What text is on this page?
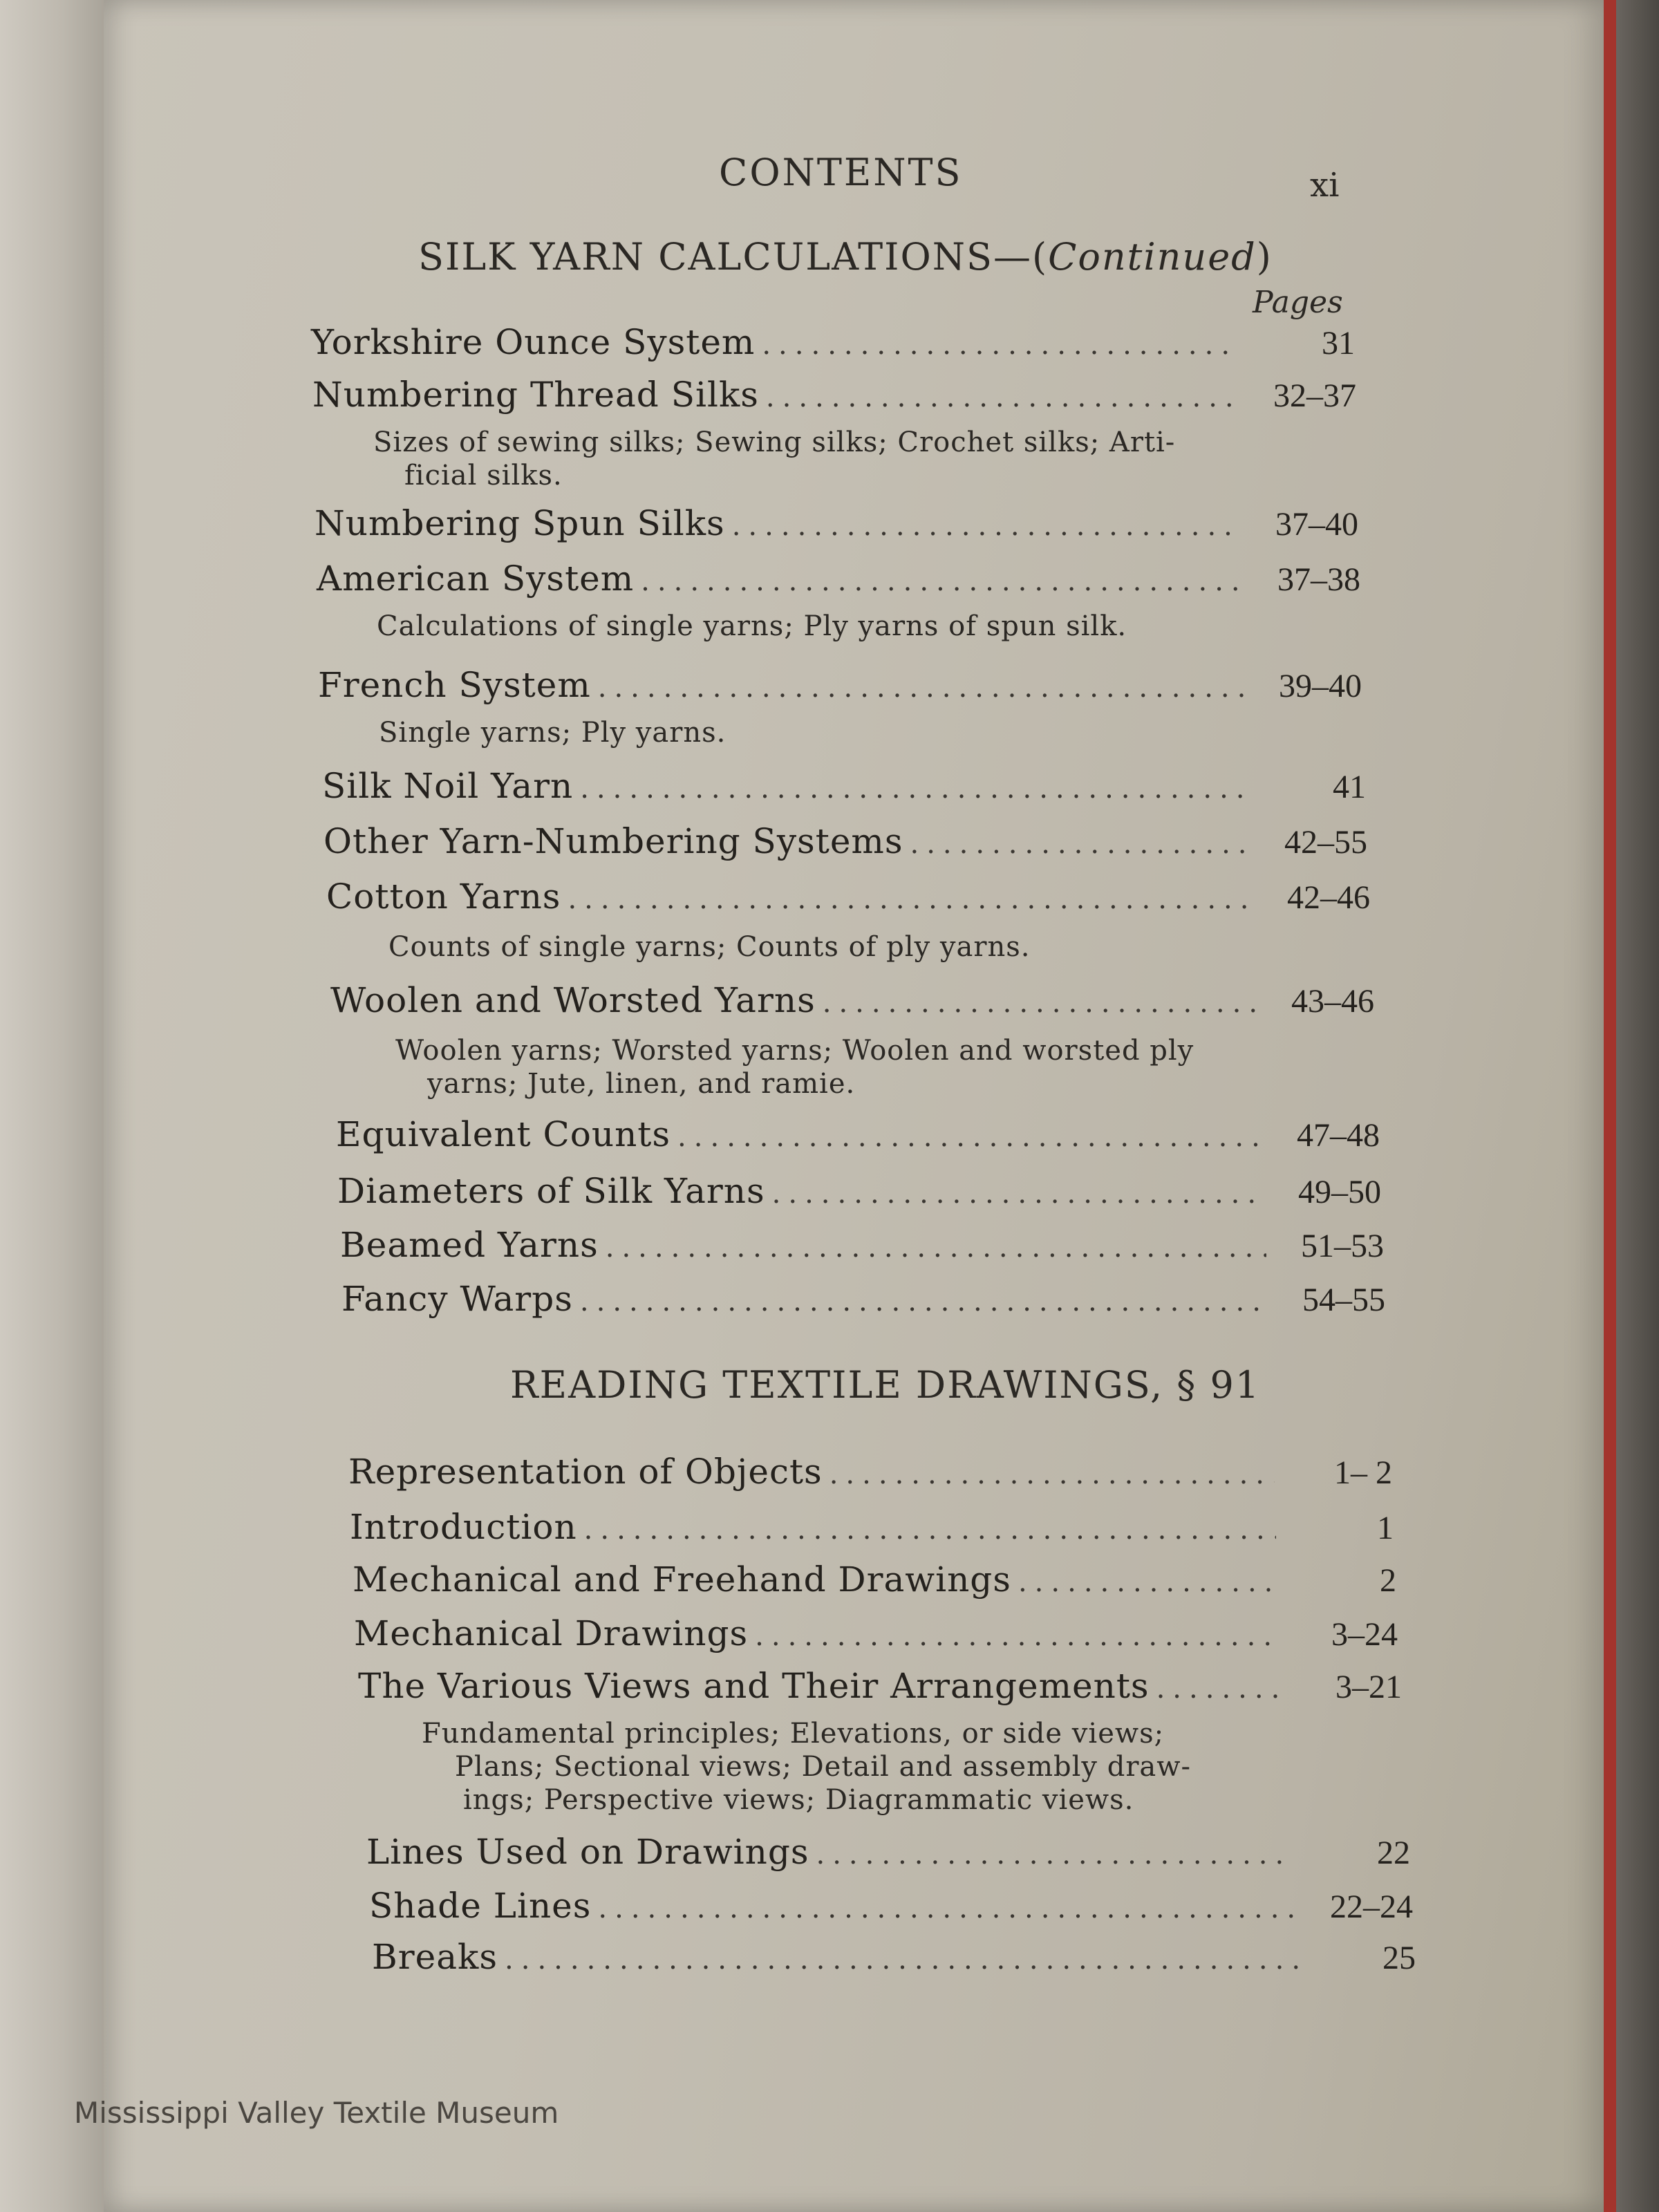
CONTENTS	xi
SILK YARN CALCULATIONS—(Continued)
Pages
Yorkshire Ounce System .....	31
Numbering Thread Silks .....	32–37
Sizes of sewing silks; Sewing silks; Crochet silks; Arti-
ficial silks.
Numbering Spun Silks .....	37–40
American System .....	37–38
Calculations of single yarns; Ply yarns of spun silk.
French System .....	39–40
Single yarns; Ply yarns.
Silk Noil Yarn .....	41
Other Yarn-Numbering Systems .....	42–55
Cotton Yarns .....	42–46
Counts of single yarns; Counts of ply yarns.
Woolen and Worsted Yarns .....	43–46
Woolen yarns; Worsted yarns; Woolen and worsted ply
yarns; Jute, linen, and ramie.
Equivalent Counts .....	47–48
Diameters of Silk Yarns .....	49–50
Beamed Yarns .....	51–53
Fancy Warps .....	54–55
READING TEXTILE DRAWINGS, § 91
Representation of Objects .....	1– 2
Introduction .....	1
Mechanical and Freehand Drawings .....	2
Mechanical Drawings .....	3–24
The Various Views and Their Arrangements .....	3–21
Fundamental principles; Elevations, or side views;
Plans; Sectional views; Detail and assembly draw-
ings; Perspective views; Diagrammatic views.
Lines Used on Drawings .....	22
Shade Lines .....	22–24
Breaks .....	25
Mississippi Valley Textile Museum
